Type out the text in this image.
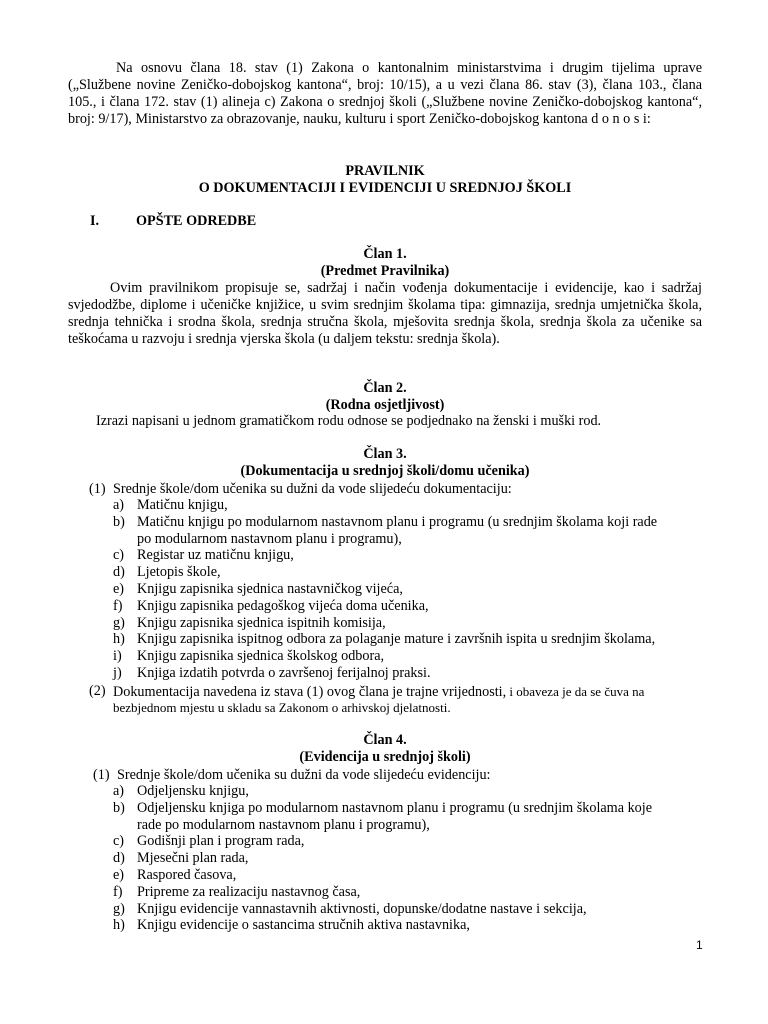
Na osnovu člana 18. stav (1) Zakona o kantonalnim ministarstvima i drugim tijelima uprave („Službene novine Zeničko-dobojskog kantona“, broj: 10/15), a u vezi člana 86. stav (3), člana 103., člana 105., i člana 172. stav (1) alineja c) Zakona o srednjoj školi („Službene novine Zeničko-dobojskog kantona“, broj: 9/17), Ministarstvo za obrazovanje, nauku, kulturu i sport Zeničko-dobojskog kantona d o n o s i:
PRAVILNIK
O DOKUMENTACIJI I EVIDENCIJI U SREDNJOJ ŠKOLI
I.	OPŠTE ODREDBE
Član 1.
(Predmet Pravilnika)
Ovim pravilnikom propisuje se, sadržaj i način vođenja dokumentacije i evidencije, kao i sadržaj svjedodžbe, diplome i učeničke knjižice, u svim srednjim školama tipa: gimnazija, srednja umjetnička škola, srednja tehnička i srodna škola, srednja stručna škola, mješovita srednja škola, srednja škola za učenike sa teškoćama u razvoju i srednja vjerska škola (u daljem tekstu: srednja škola).
Član 2.
(Rodna osjetljivost)
Izrazi napisani u jednom gramatičkom rodu odnose se podjednako na ženski i muški rod.
Član 3.
(Dokumentacija u srednjoj školi/domu učenika)
(1) Srednje škole/dom učenika su dužni da vode slijedeću dokumentaciju:
a) Matičnu knjigu,
b) Matičnu knjigu po modularnom nastavnom planu i programu (u srednjim školama koji rade
po modularnom nastavnom planu i programu),
c) Registar uz matičnu knjigu,
d) Ljetopis škole,
e) Knjigu zapisnika sjednica nastavničkog vijeća,
f) Knjigu zapisnika pedagoškog vijeća doma učenika,
g) Knjigu zapisnika sjednica ispitnih komisija,
h) Knjigu zapisnika ispitnog odbora za polaganje mature i završnih ispita u srednjim školama,
i) Knjigu zapisnika sjednica školskog odbora,
j) Knjiga izdatih potvrda o završenoj ferijalnoj praksi.
(2) Dokumentacija navedena iz stava (1) ovog člana je trajne vrijednosti, i obaveza je da se čuva na
bezbjednom mjestu u skladu sa Zakonom o arhivskoj djelatnosti.
Član 4.
(Evidencija u srednjoj školi)
(1) Srednje škole/dom učenika su dužni da vode slijedeću evidenciju:
a) Odjeljensku knjigu,
b) Odjeljensku knjiga po modularnom nastavnom planu i programu (u srednjim školama koje
rade po modularnom nastavnom planu i programu),
c) Godišnji plan i program rada,
d) Mjesečni plan rada,
e) Raspored časova,
f) Pripreme za realizaciju nastavnog časa,
g) Knjigu evidencije vannastavnih aktivnosti, dopunske/dodatne nastave i sekcija,
h) Knjigu evidencije o sastancima stručnih aktiva nastavnika,
1
